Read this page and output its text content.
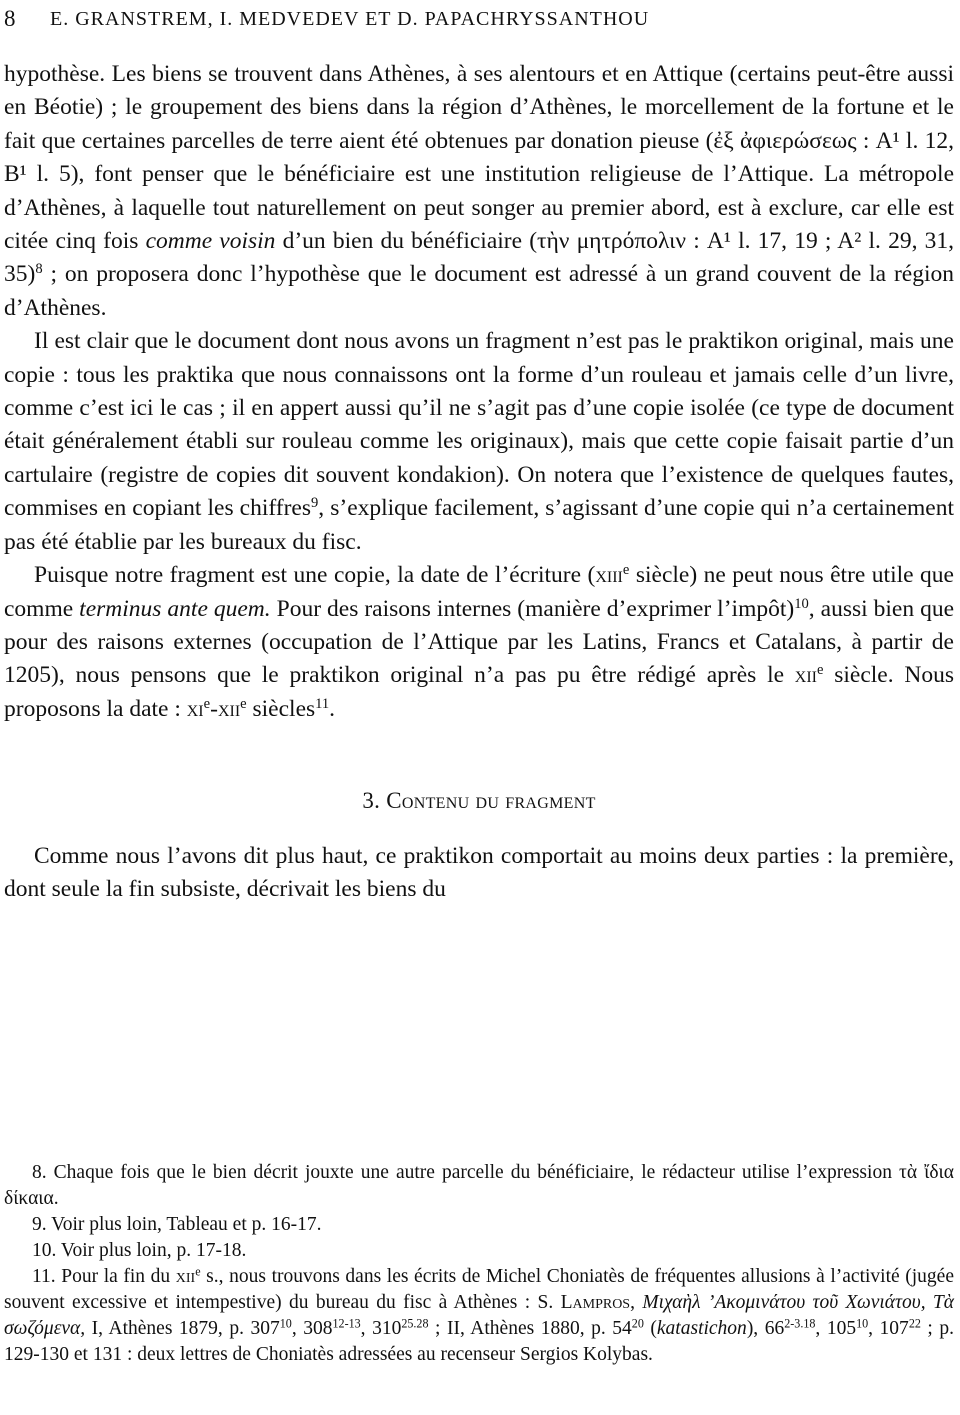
8 E. GRANSTREM, I. MEDVEDEV ET D. PAPACHRYSSANTHOU

hypothèse. Les biens se trouvent dans Athènes, à ses alentours et en Attique (certains peut-être aussi en Béotie) ; le groupement des biens dans la région d’Athènes, le morcellement de la fortune et le fait que certaines parcelles de terre aient été obtenues par donation pieuse (ἐξ ἀφιερώσεως : A¹ l. 12, B¹ l. 5), font penser que le bénéficiaire est une institution religieuse de l’Attique. La métropole d’Athènes, à laquelle tout naturellement on peut songer au premier abord, est à exclure, car elle est citée cinq fois comme voisin d’un bien du bénéficiaire (τὴν μητρόπολιν : A¹ l. 17, 19 ; A² l. 29, 31, 35)$^8$ ; on proposera donc l’hypothèse que le document est adressé à un grand couvent de la région d’Athènes.

Il est clair que le document dont nous avons un fragment n’est pas le praktikon original, mais une copie : tous les praktika que nous connaissons ont la forme d’un rouleau et jamais celle d’un livre, comme c’est ici le cas ; il en appert aussi qu’il ne s’agit pas d’une copie isolée (ce type de document était généralement établi sur rouleau comme les originaux), mais que cette copie faisait partie d’un cartulaire (registre de copies dit souvent kondakion). On notera que l’existence de quelques fautes, commises en copiant les chiffres$^9$, s’explique facilement, s’agissant d’une copie qui n’a certainement pas été établie par les bureaux du fisc.

Puisque notre fragment est une copie, la date de l’écriture (xiii$^e$ siècle) ne peut nous être utile que comme terminus ante quem. Pour des raisons internes (manière d’exprimer l’impôt)$^{10}$, aussi bien que pour des raisons externes (occupation de l’Attique par les Latins, Francs et Catalans, à partir de 1205), nous pensons que le praktikon original n’a pas pu être rédigé après le xii$^e$ siècle. Nous proposons la date : $xi^e-xii^e$ siècles$^{11}$.

3. Contenu du fragment

Comme nous l’avons dit plus haut, ce praktikon comportait au moins deux parties : la première, dont seule la fin subsiste, décrivait les biens du

8. Chaque fois que le bien décrit jouxte une autre parcelle du bénéficiaire, le rédacteur utilise l’expression τὰ ἴδια δίκαια.

9. Voir plus loin, Tableau et p. 16-17.

10. Voir plus loin, p. 17-18.

11. Pour la fin du xii$^e$ s., nous trouvons dans les écrits de Michel Choniatès de fréquentes allusions à l’activité (jugée souvent excessive et intempestive) du bureau du fisc à Athènes : S. Lampros, Μιχαὴλ ’Ακομινάτου τοῦ Χωνιάτου, Τὰ σωζόμενα, I, Athènes 1879, p. $307^{10}$, 308$^{12-13}$, $310^{25.28}$ ; II, Athènes 1880, p. $54^{20}$ (katastichon), $66^{2-3.18}$, $105^{10}$, $107^{22}$ ; p. 129-130 et 131 : deux lettres de Choniatès adressées au recenseur Sergios Kolybas.
